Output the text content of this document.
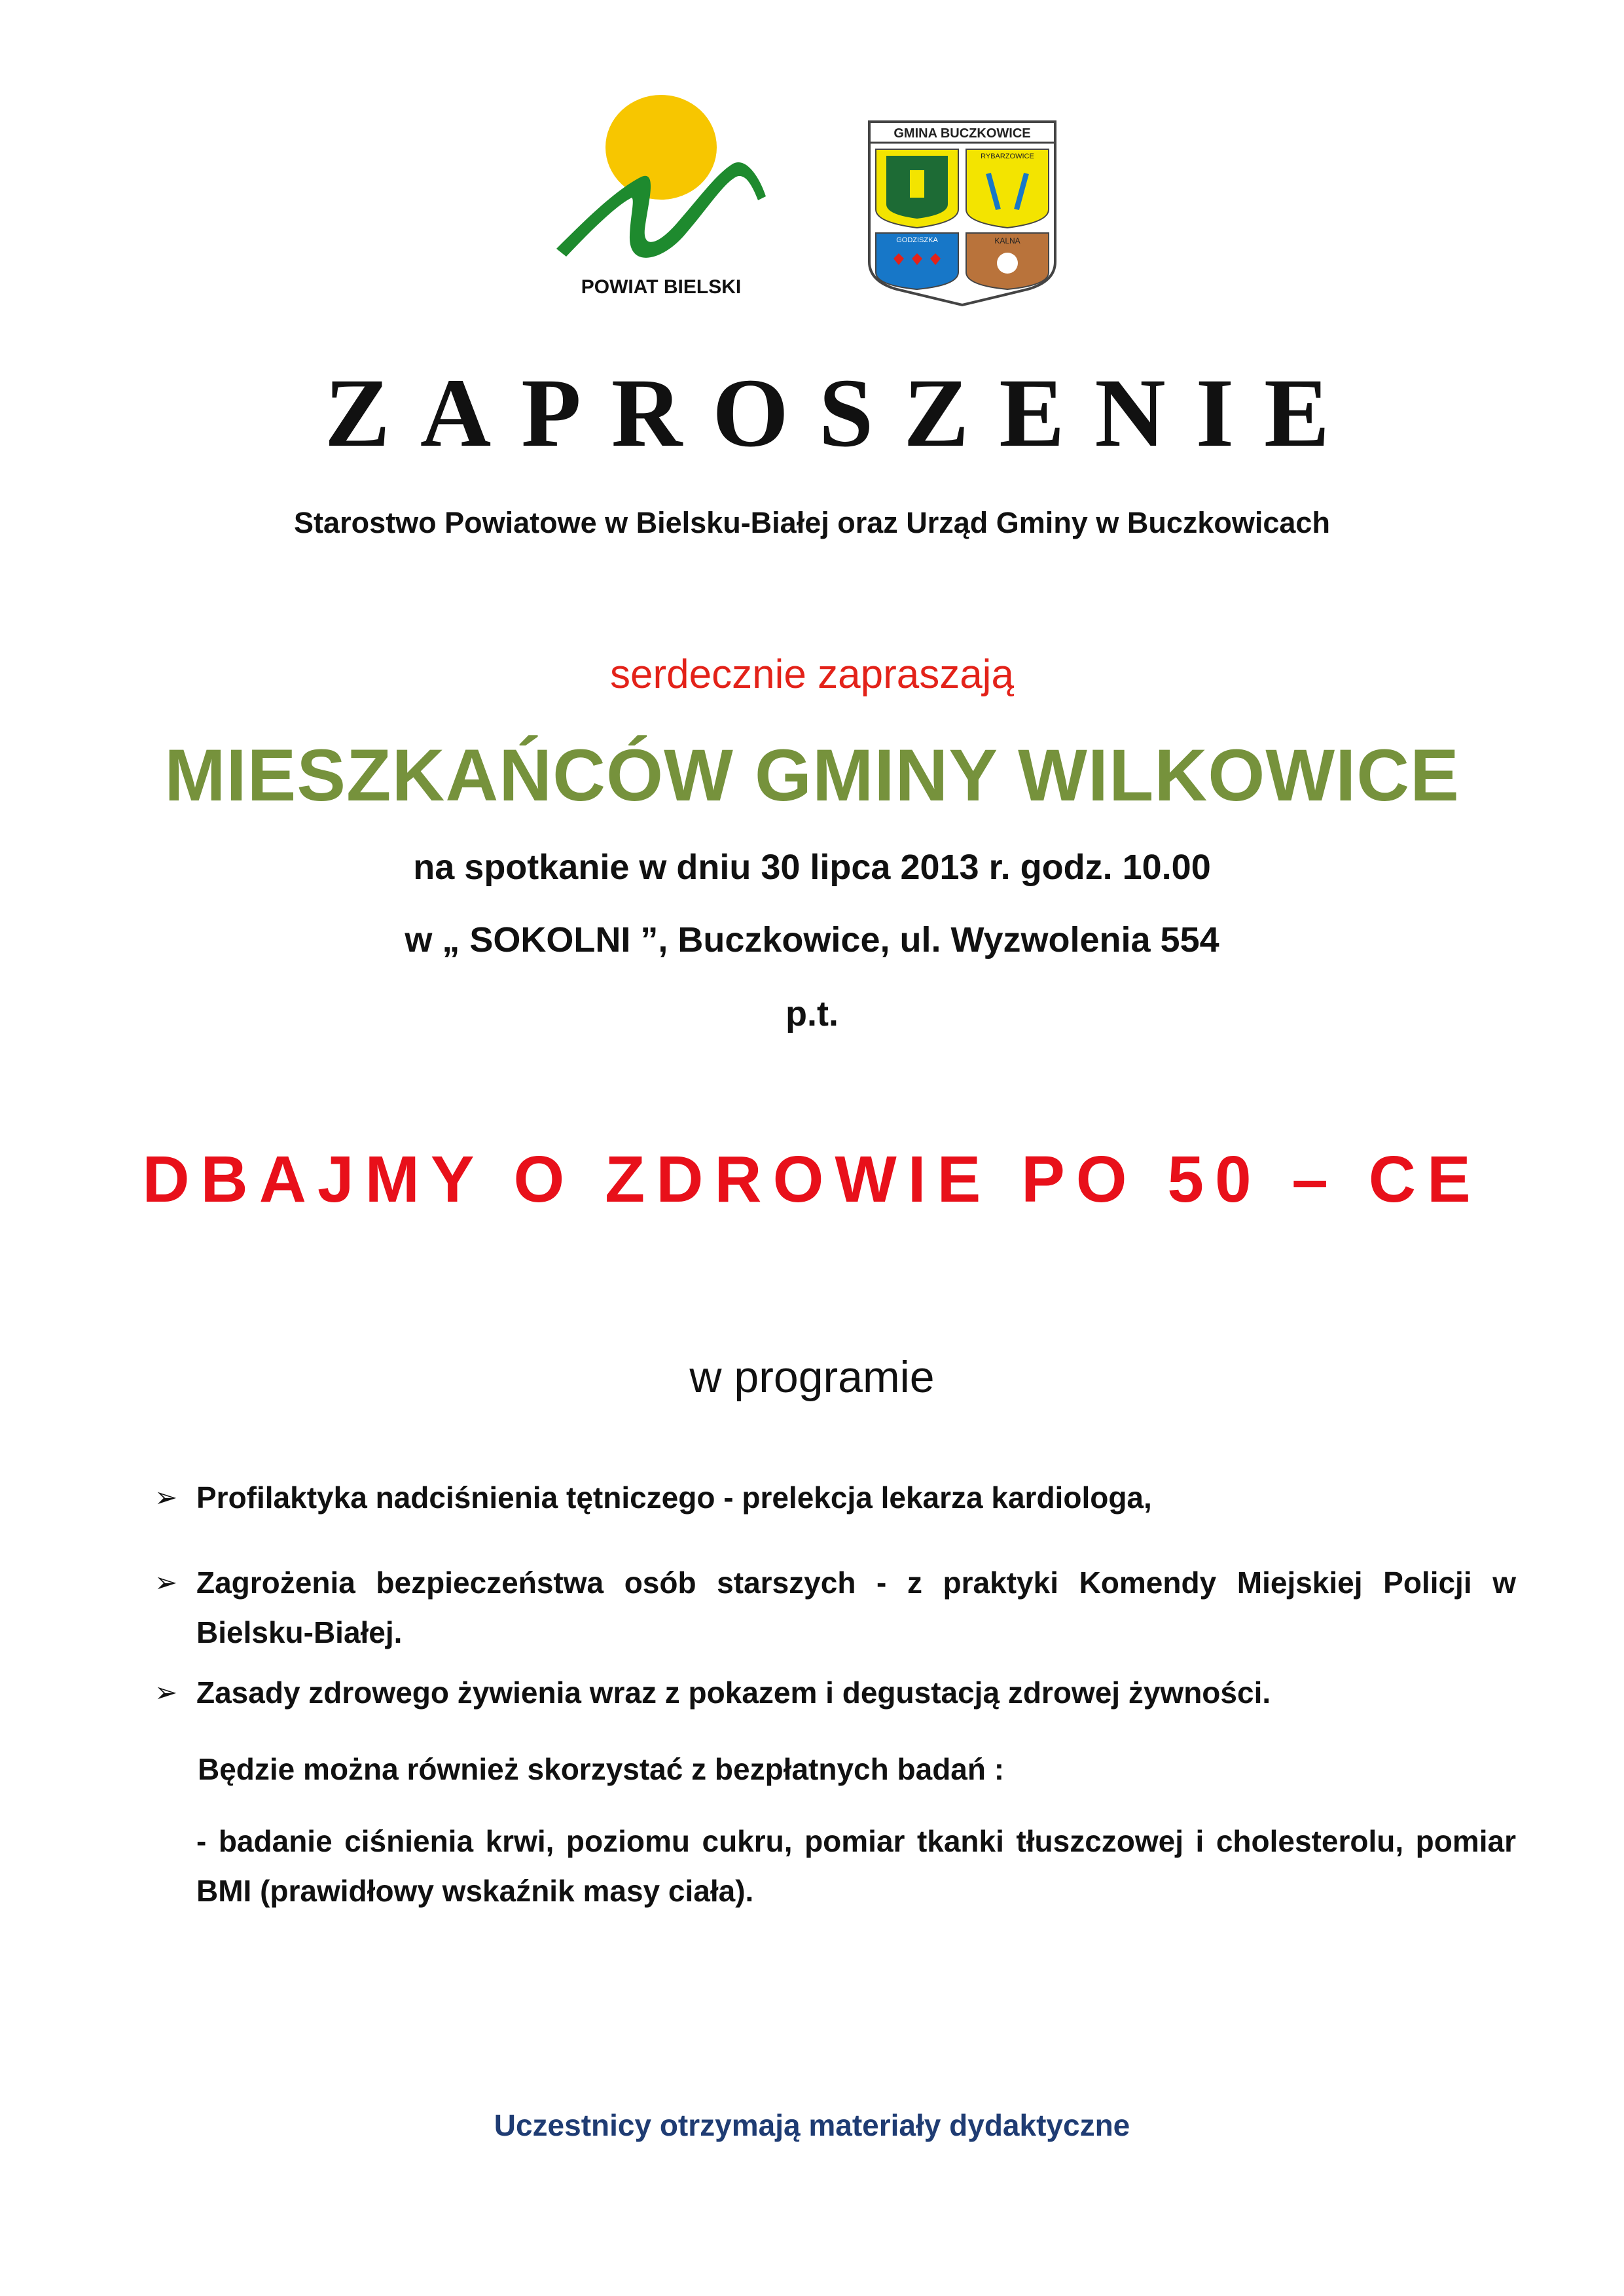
POWIAT BIELSKI
GMINA BUCZKOWICE
RYBARZOWICE
GODZISZKA	KALNA
ZAPROSZENIE
Starostwo Powiatowe w Bielsku-Białej oraz Urząd Gminy w Buczkowicach
serdecznie zapraszają
MIESZKAŃCÓW GMINY WILKOWICE
na spotkanie w dniu 30 lipca 2013 r. godz. 10.00
w „ SOKOLNI ”, Buczkowice, ul. Wyzwolenia 554
p.t.
DBAJMY O ZDROWIE PO 50 – CE
w programie
➢ Profilaktyka nadciśnienia tętniczego - prelekcja lekarza kardiologa,
➢ Zagrożenia bezpieczeństwa osób starszych - z praktyki Komendy Miejskiej Policji w Bielsku-Białej.
➢ Zasady zdrowego żywienia wraz z pokazem i degustacją zdrowej żywności.
Będzie można również skorzystać z bezpłatnych badań :
- badanie ciśnienia krwi, poziomu cukru, pomiar tkanki tłuszczowej i cholesterolu, pomiar BMI (prawidłowy wskaźnik masy ciała).
Uczestnicy otrzymają materiały dydaktyczne
